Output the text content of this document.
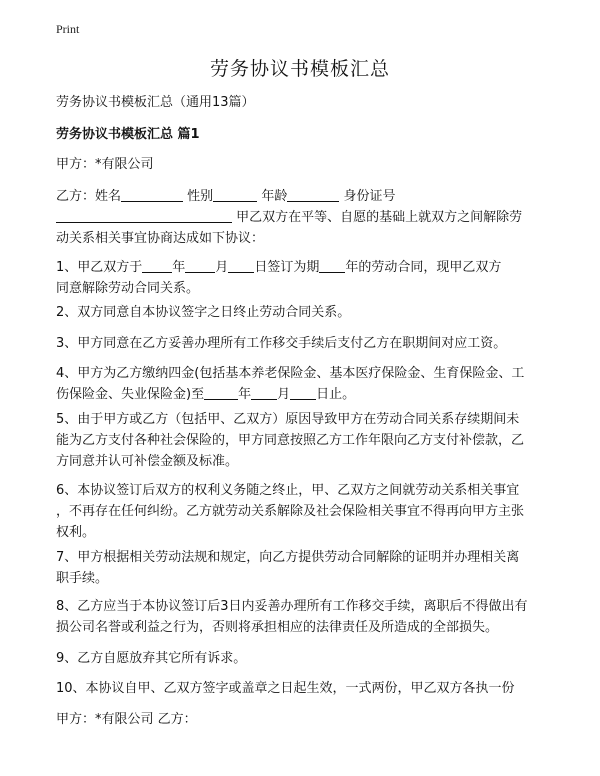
Print
劳务协议书模板汇总
劳务协议书模板汇总（通用13篇）
劳务协议书模板汇总 篇1
甲方：*有限公司
乙方：姓名	性别	年龄	身份证号
甲乙双方在平等、自愿的基础上就双方之间解除劳
动关系相关事宜协商达成如下协议：
1、甲乙双方于 年 月 日签订为期 年的劳动合同，现甲乙双方
同意解除劳动合同关系。
2、双方同意自本协议签字之日终止劳动合同关系。
3、甲方同意在乙方妥善办理所有工作移交手续后支付乙方在职期间对应工资。
4、甲方为乙方缴纳四金(包括基本养老保险金、基本医疗保险金、生育保险金、工
伤保险金、失业保险金)至	年 月 日止。
5、由于甲方或乙方（包括甲、乙双方）原因导致甲方在劳动合同关系存续期间未
能为乙方支付各种社会保险的，甲方同意按照乙方工作年限向乙方支付补偿款，乙
方同意并认可补偿金额及标准。
6、本协议签订后双方的权利义务随之终止，甲、乙双方之间就劳动关系相关事宜
，不再存在任何纠纷。乙方就劳动关系解除及社会保险相关事宜不得再向甲方主张
权利。
7、甲方根据相关劳动法规和规定，向乙方提供劳动合同解除的证明并办理相关离
职手续。
8、乙方应当于本协议签订后3日内妥善办理所有工作移交手续，离职后不得做出有
损公司名誉或利益之行为，否则将承担相应的法律责任及所造成的全部损失。
9、乙方自愿放弃其它所有诉求。
10、本协议自甲、乙双方签字或盖章之日起生效，一式两份，甲乙双方各执一份
甲方：*有限公司 乙方：
